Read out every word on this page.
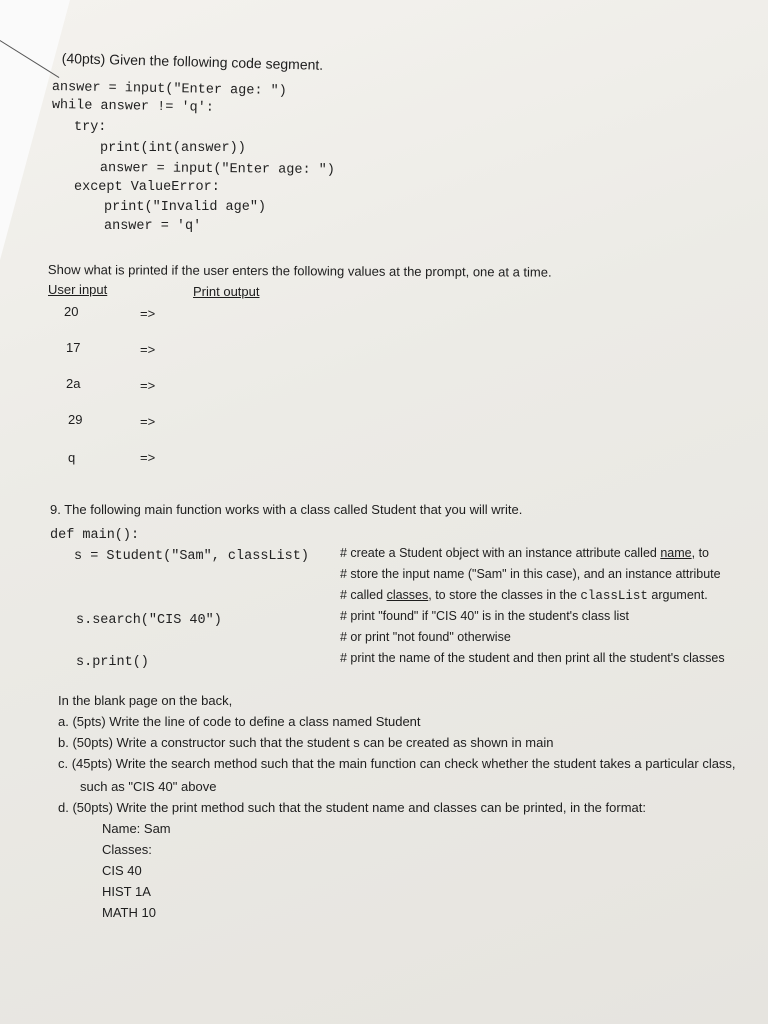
(40pts) Given the following code segment.
answer = input("Enter age: ")
while answer != 'q':
try:
print(int(answer))
answer = input("Enter age: ")
except ValueError:
print("Invalid age")
answer = 'q'
Show what is printed if the user enters the following values at the prompt, one at a time.
User input	Print output
20	=>
17	=>
2a	=>
29	=>
q	=>
9. The following main function works with a class called Student that you will write.
def main():
s = Student("Sam", classList)
s.search("CIS 40")
s.print()
# create a Student object with an instance attribute called name, to
# store the input name ("Sam" in this case), and an instance attribute
# called classes, to store the classes in the classList argument.
# print "found" if "CIS 40" is in the student's class list
# or print "not found" otherwise
# print the name of the student and then print all the student's classes
In the blank page on the back,
a. (5pts) Write the line of code to define a class named Student
b. (50pts) Write a constructor such that the student s can be created as shown in main
c. (45pts) Write the search method such that the main function can check whether the student takes a particular class,
such as "CIS 40" above
d. (50pts) Write the print method such that the student name and classes can be printed, in the format:
Name: Sam
Classes:
CIS 40
HIST 1A
MATH 10
